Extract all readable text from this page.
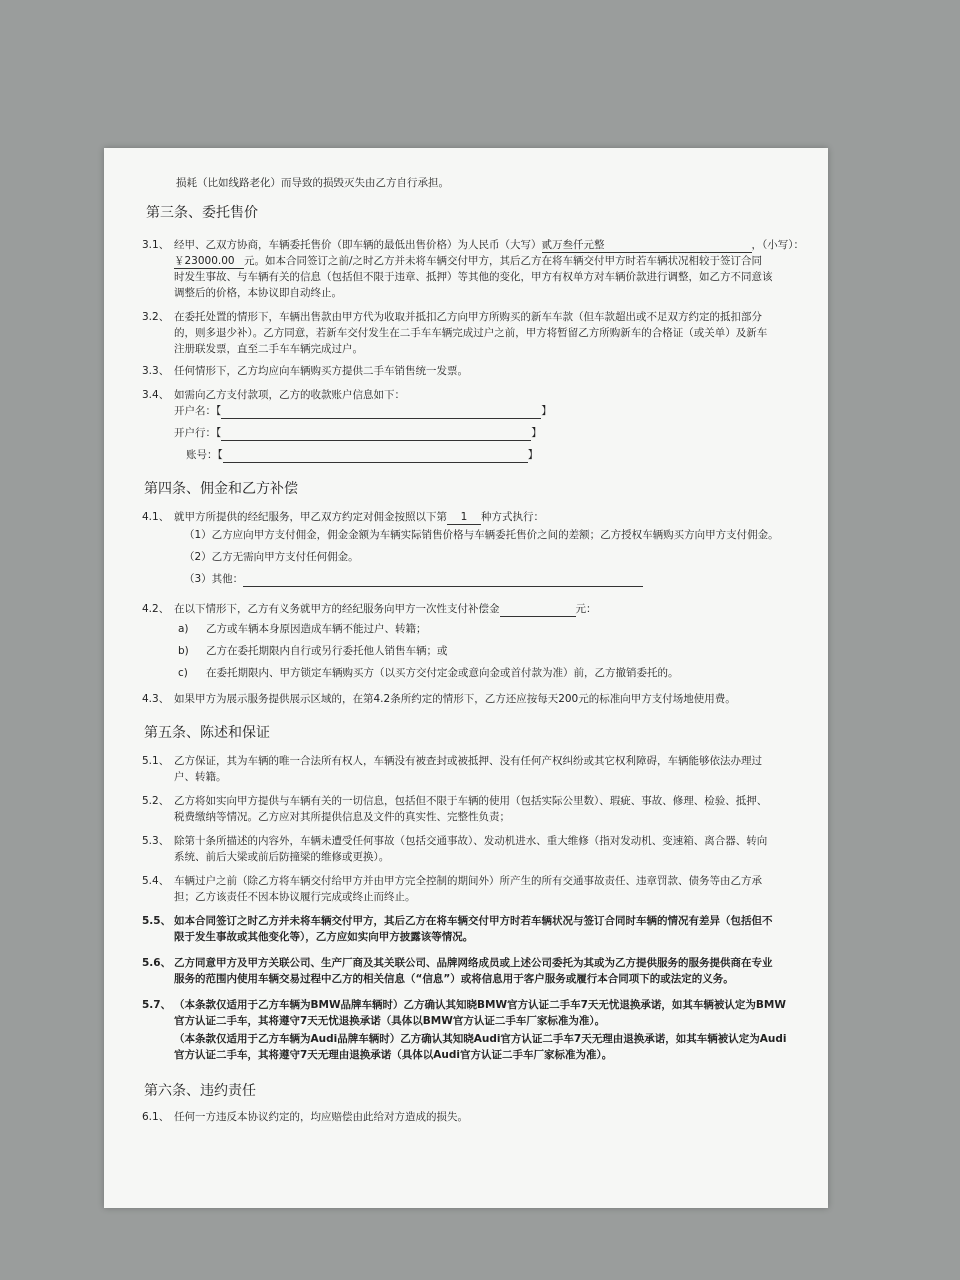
损耗（比如线路老化）而导致的损毁灭失由乙方自行承担。
第三条、委托售价
3.1、 经甲、乙双方协商，车辆委托售价（即车辆的最低出售价格）为人民币（大写）贰万叁仟元整	，（小写）：
￥23000.00 元。如本合同签订之前/之时乙方并未将车辆交付甲方，其后乙方在将车辆交付甲方时若车辆状况相较于签订合同
时发生事故、与车辆有关的信息（包括但不限于违章、抵押）等其他的变化，甲方有权单方对车辆价款进行调整，如乙方不同意该
调整后的价格，本协议即自动终止。
3.2、 在委托处置的情形下，车辆出售款由甲方代为收取并抵扣乙方向甲方所购买的新车车款（但车款超出或不足双方约定的抵扣部分
的，则多退少补）。乙方同意，若新车交付发生在二手车车辆完成过户之前，甲方将暂留乙方所购新车的合格证（或关单）及新车
注册联发票，直至二手车车辆完成过户。
3.3、 任何情形下，乙方均应向车辆购买方提供二手车销售统一发票。
3.4、 如需向乙方支付款项，乙方的收款账户信息如下：
开户名：【	】
开户行：【	】
账号：【	】
第四条、佣金和乙方补偿
4.1、 就甲方所提供的经纪服务，甲乙双方约定对佣金按照以下第 1 种方式执行：
（1）乙方应向甲方支付佣金，佣金金额为车辆实际销售价格与车辆委托售价之间的差额；乙方授权车辆购买方向甲方支付佣金。
（2）乙方无需向甲方支付任何佣金。
（3）其他：
4.2、 在以下情形下，乙方有义务就甲方的经纪服务向甲方一次性支付补偿金	元：
a) 乙方或车辆本身原因造成车辆不能过户、转籍；
b) 乙方在委托期限内自行或另行委托他人销售车辆；或
c) 在委托期限内、甲方锁定车辆购买方（以买方交付定金或意向金或首付款为准）前，乙方撤销委托的。
4.3、 如果甲方为展示服务提供展示区域的，在第4.2条所约定的情形下，乙方还应按每天200元的标准向甲方支付场地使用费。
第五条、陈述和保证
5.1、 乙方保证，其为车辆的唯一合法所有权人，车辆没有被查封或被抵押、没有任何产权纠纷或其它权利障碍，车辆能够依法办理过
户、转籍。
5.2、 乙方将如实向甲方提供与车辆有关的一切信息，包括但不限于车辆的使用（包括实际公里数）、瑕疵、事故、修理、检验、抵押、
税费缴纳等情况。乙方应对其所提供信息及文件的真实性、完整性负责；
5.3、 除第十条所描述的内容外，车辆未遭受任何事故（包括交通事故）、发动机进水、重大维修（指对发动机、变速箱、离合器、转向
系统、前后大梁或前后防撞梁的维修或更换）。
5.4、 车辆过户之前（除乙方将车辆交付给甲方并由甲方完全控制的期间外）所产生的所有交通事故责任、违章罚款、债务等由乙方承
担；乙方该责任不因本协议履行完成或终止而终止。
5.5、 如本合同签订之时乙方并未将车辆交付甲方，其后乙方在将车辆交付甲方时若车辆状况与签订合同时车辆的情况有差异（包括但不
限于发生事故或其他变化等），乙方应如实向甲方披露该等情况。
5.6、 乙方同意甲方及甲方关联公司、生产厂商及其关联公司、品牌网络成员或上述公司委托为其或为乙方提供服务的服务提供商在专业
服务的范围内使用车辆交易过程中乙方的相关信息（“信息”）或将信息用于客户服务或履行本合同项下的或法定的义务。
5.7、 （本条款仅适用于乙方车辆为BMW品牌车辆时）乙方确认其知晓BMW官方认证二手车7天无忧退换承诺，如其车辆被认定为BMW
官方认证二手车，其将遵守7天无忧退换承诺（具体以BMW官方认证二手车厂家标准为准）。
（本条款仅适用于乙方车辆为Audi品牌车辆时）乙方确认其知晓Audi官方认证二手车7天无理由退换承诺，如其车辆被认定为Audi
官方认证二手车，其将遵守7天无理由退换承诺（具体以Audi官方认证二手车厂家标准为准）。
第六条、违约责任
6.1、 任何一方违反本协议约定的，均应赔偿由此给对方造成的损失。
